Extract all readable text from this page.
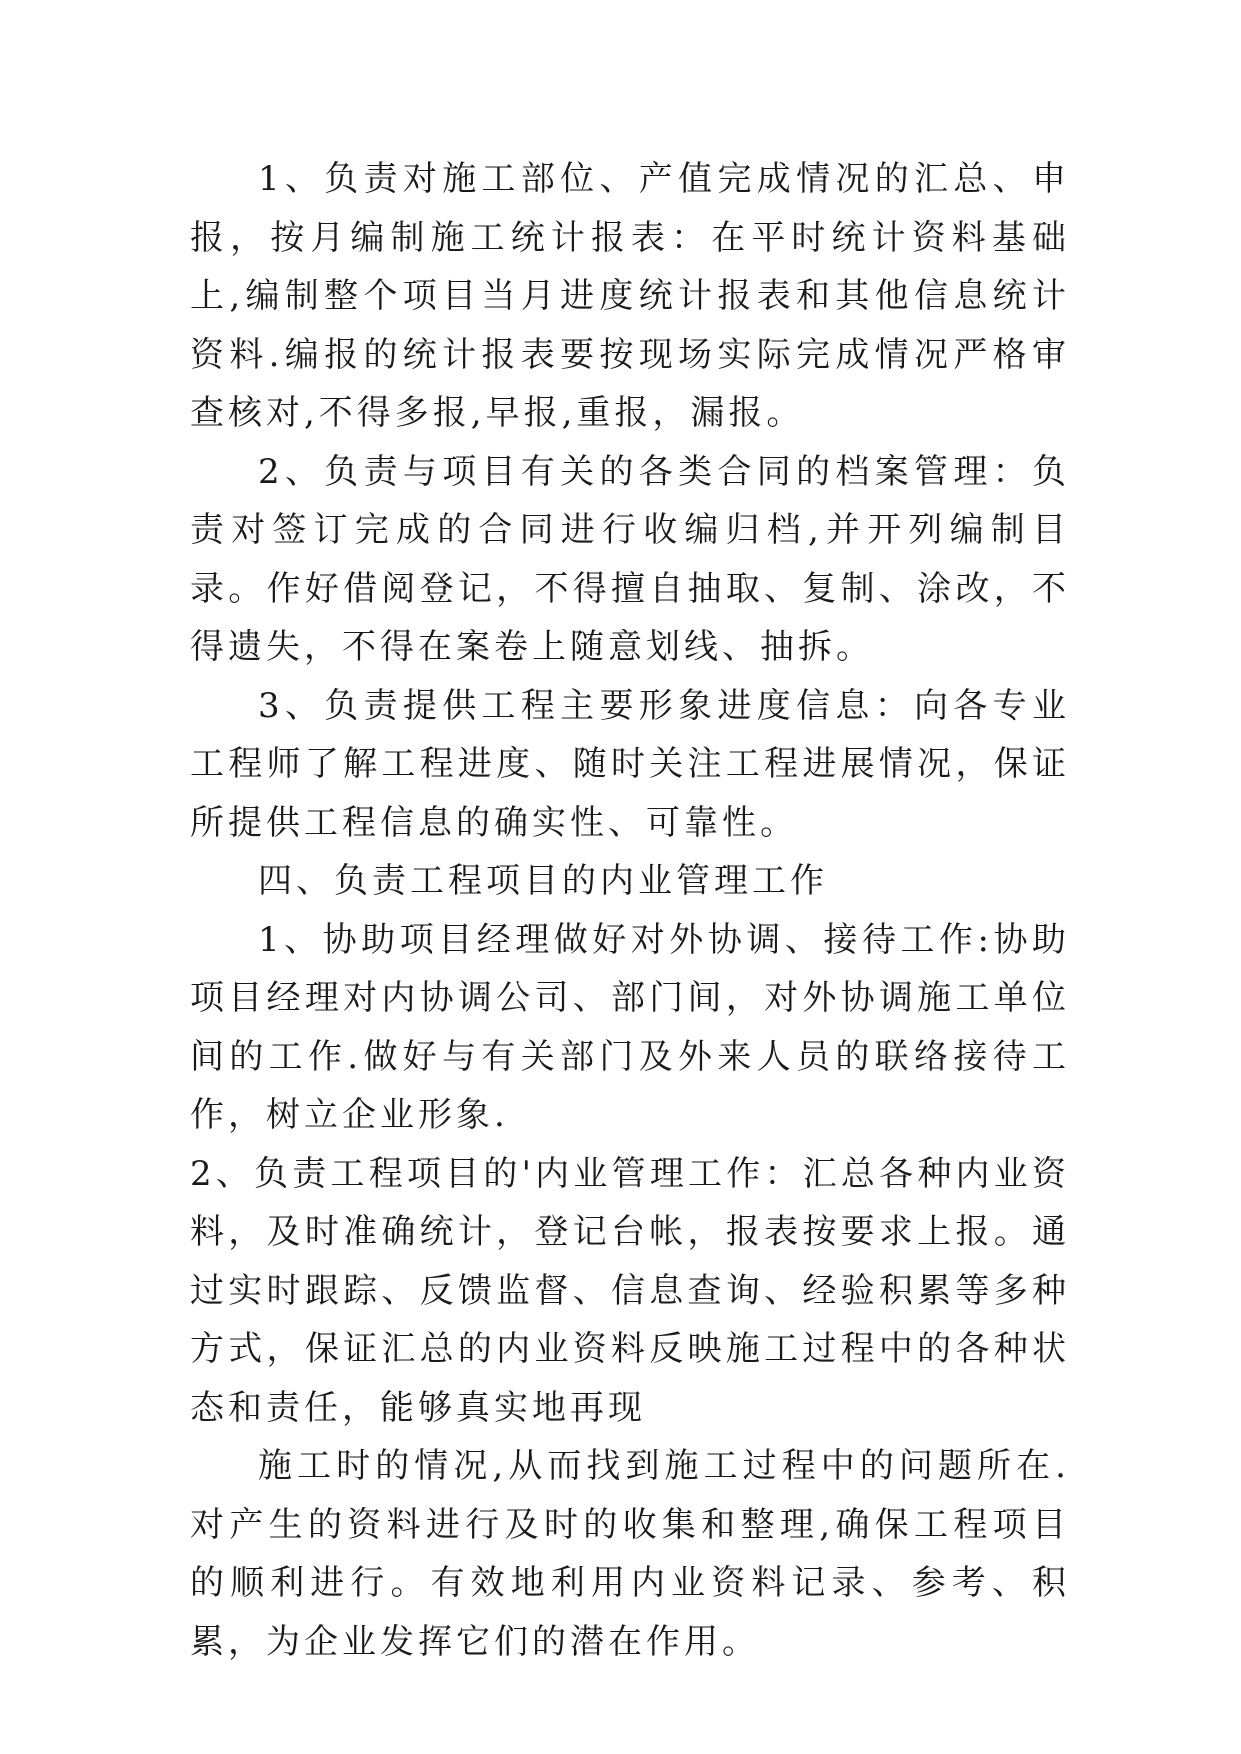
1、负责对施工部位、产值完成情况的汇总、申报，按月编制施工统计报表：在平时统计资料基础上,编制整个项目当月进度统计报表和其他信息统计资料.编报的统计报表要按现场实际完成情况严格审查核对,不得多报,早报,重报，漏报。

2、负责与项目有关的各类合同的档案管理：负责对签订完成的合同进行收编归档,并开列编制目录。作好借阅登记，不得擅自抽取、复制、涂改，不得遗失，不得在案卷上随意划线、抽拆。

3、负责提供工程主要形象进度信息：向各专业工程师了解工程进度、随时关注工程进展情况，保证所提供工程信息的确实性、可靠性。

四、负责工程项目的内业管理工作

1、协助项目经理做好对外协调、接待工作:协助项目经理对内协调公司、部门间，对外协调施工单位间的工作.做好与有关部门及外来人员的联络接待工作，树立企业形象.

2、负责工程项目的'内业管理工作：汇总各种内业资料，及时准确统计，登记台帐，报表按要求上报。通过实时跟踪、反馈监督、信息查询、经验积累等多种方式，保证汇总的内业资料反映施工过程中的各种状态和责任，能够真实地再现

施工时的情况,从而找到施工过程中的问题所在.对产生的资料进行及时的收集和整理,确保工程项目的顺利进行。有效地利用内业资料记录、参考、积累，为企业发挥它们的潜在作用。
